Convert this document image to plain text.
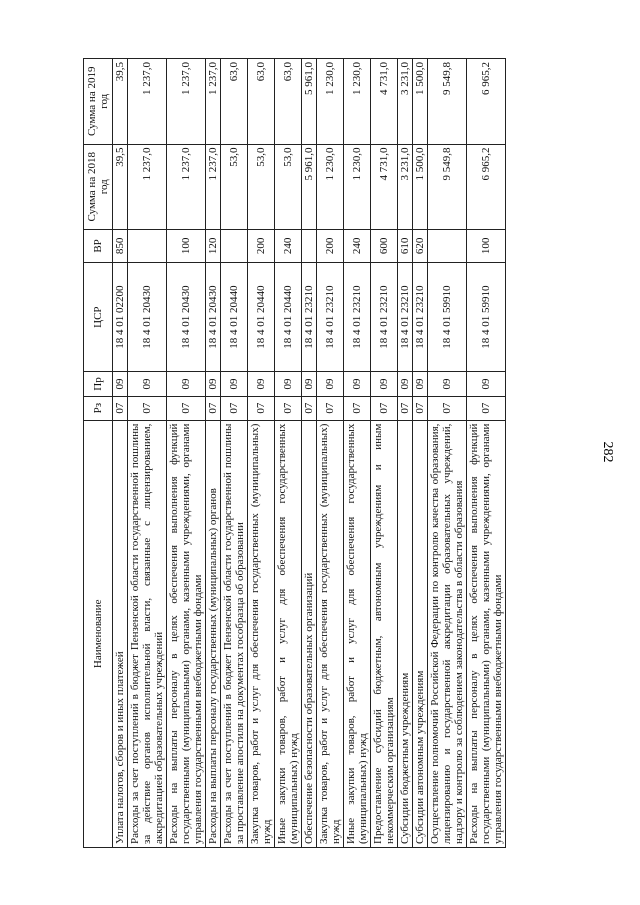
282
Наименование	Рз	Пр	ЦСР	ВР	Сумма на 2018 год	Сумма на 2019 год
Уплата налогов, сборов и иных платежей	07	09	18 4 01 02200	850	39,5	39,5
Расходы за счет поступлений в бюджет Пензенской области государственной пошлины за действие органов исполнительной власти, связанные с лицензированием, аккредитацией образовательных учреждений	07	09	18 4 01 20430		1 237,0	1 237,0
Расходы на выплаты персоналу в целях обеспечения выполнения функций государственными (муниципальными) органами, казенными учреждениями, органами управления государственными внебюджетными фондами	07	09	18 4 01 20430	100	1 237,0	1 237,0
Расходы на выплаты персоналу государственных (муниципальных) органов	07	09	18 4 01 20430	120	1 237,0	1 237,0
Расходы за счет поступлений в бюджет Пензенской области государственной пошлины за проставление апостиля на документах гособразца об образовании	07	09	18 4 01 20440		53,0	63,0
Закупка товаров, работ и услуг для обеспечения государственных (муниципальных) нужд	07	09	18 4 01 20440	200	53,0	63,0
Иные закупки товаров, работ и услуг для обеспечения государственных (муниципальных) нужд	07	09	18 4 01 20440	240	53,0	63,0
Обеспечение безопасности образовательных организаций	07	09	18 4 01 23210		5 961,0	5 961,0
Закупка товаров, работ и услуг для обеспечения государственных (муниципальных) нужд	07	09	18 4 01 23210	200	1 230,0	1 230,0
Иные закупки товаров, работ и услуг для обеспечения государственных (муниципальных) нужд	07	09	18 4 01 23210	240	1 230,0	1 230,0
Предоставление субсидий бюджетным, автономным учреждениям и иным некоммерческим организациям	07	09	18 4 01 23210	600	4 731,0	4 731,0
Субсидии бюджетным учреждениям	07	09	18 4 01 23210	610	3 231,0	3 231,0
Субсидии автономным учреждениям	07	09	18 4 01 23210	620	1 500,0	1 500,0
Осуществление полномочий Российской Федерации по контролю качества образования, лицензированию и государственной аккредитации образовательных учреждений, надзору и контролю за соблюдением законодательства в области образования	07	09	18 4 01 59910		9 549,8	9 549,8
Расходы на выплаты персоналу в целях обеспечения выполнения функций государственными (муниципальными) органами, казенными учреждениями, органами управления государственными внебюджетными фондами	07	09	18 4 01 59910	100	6 965,2	6 965,2
